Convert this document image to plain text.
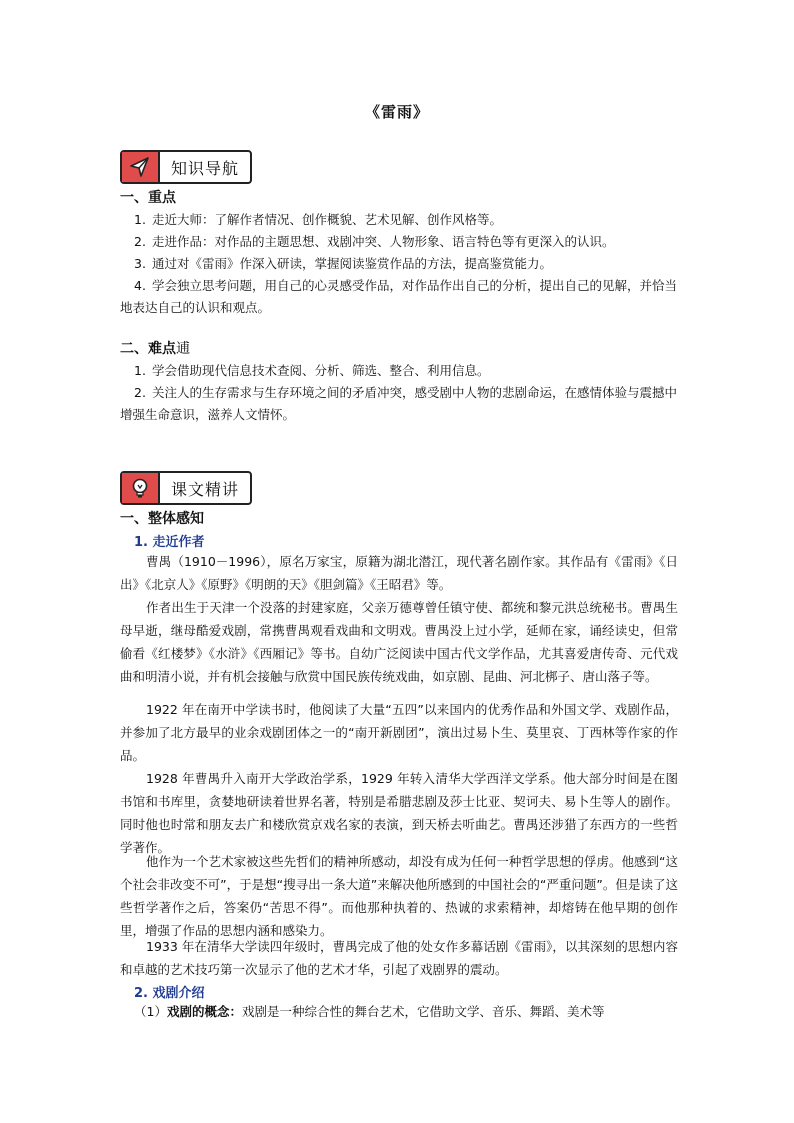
《雷雨》
知识导航
一、重点
1. 走近大师：了解作者情况、创作概貌、艺术见解、创作风格等。
2. 走进作品：对作品的主题思想、戏剧冲突、人物形象、语言特色等有更深入的认识。
3. 通过对《雷雨》作深入研读，掌握阅读鉴赏作品的方法，提高鉴赏能力。
4. 学会独立思考问题，用自己的心灵感受作品，对作品作出自己的分析，提出自己的见解，并恰当地表达自己的认识和观点。
二、难点逋
1. 学会借助现代信息技术查阅、分析、筛选、整合、利用信息。
2. 关注人的生存需求与生存环境之间的矛盾冲突，感受剧中人物的悲剧命运，在感情体验与震撼中增强生命意识，滋养人文情怀。
课文精讲
一、整体感知
1. 走近作者
曹禺（1910－1996），原名万家宝，原籍为湖北潜江，现代著名剧作家。其作品有《雷雨》《日出》《北京人》《原野》《明朗的天》《胆剑篇》《王昭君》等。
作者出生于天津一个没落的封建家庭，父亲万德尊曾任镇守使、都统和黎元洪总统秘书。曹禺生母早逝，继母酷爱戏剧，常携曹禺观看戏曲和文明戏。曹禺没上过小学，延师在家，诵经读史，但常偷看《红楼梦》《水浒》《西厢记》等书。自幼广泛阅读中国古代文学作品，尤其喜爱唐传奇、元代戏曲和明清小说，并有机会接触与欣赏中国民族传统戏曲，如京剧、昆曲、河北梆子、唐山落子等。
1922 年在南开中学读书时，他阅读了大量“五四”以来国内的优秀作品和外国文学、戏剧作品，并参加了北方最早的业余戏剧团体之一的“南开新剧团”，演出过易卜生、莫里哀、丁西林等作家的作品。
1928 年曹禺升入南开大学政治学系，1929 年转入清华大学西洋文学系。他大部分时间是在图书馆和书库里，贪婪地研读着世界名著，特别是希腊悲剧及莎士比亚、契诃夫、易卜生等人的剧作。同时他也时常和朋友去广和楼欣赏京戏名家的表演，到天桥去听曲艺。曹禺还涉猎了东西方的一些哲学著作。
他作为一个艺术家被这些先哲们的精神所感动，却没有成为任何一种哲学思想的俘虏。他感到“这个社会非改变不可”，于是想“搜寻出一条大道”来解决他所感到的中国社会的“严重问题”。但是读了这些哲学著作之后，答案仍“苦思不得”。而他那种执着的、热诚的求索精神，却熔铸在他早期的创作里，增强了作品的思想内涵和感染力。
1933 年在清华大学读四年级时，曹禺完成了他的处女作多幕话剧《雷雨》，以其深刻的思想内容和卓越的艺术技巧第一次显示了他的艺术才华，引起了戏剧界的震动。
2. 戏剧介绍
（1）戏剧的概念：戏剧是一种综合性的舞台艺术，它借助文学、音乐、舞蹈、美术等
